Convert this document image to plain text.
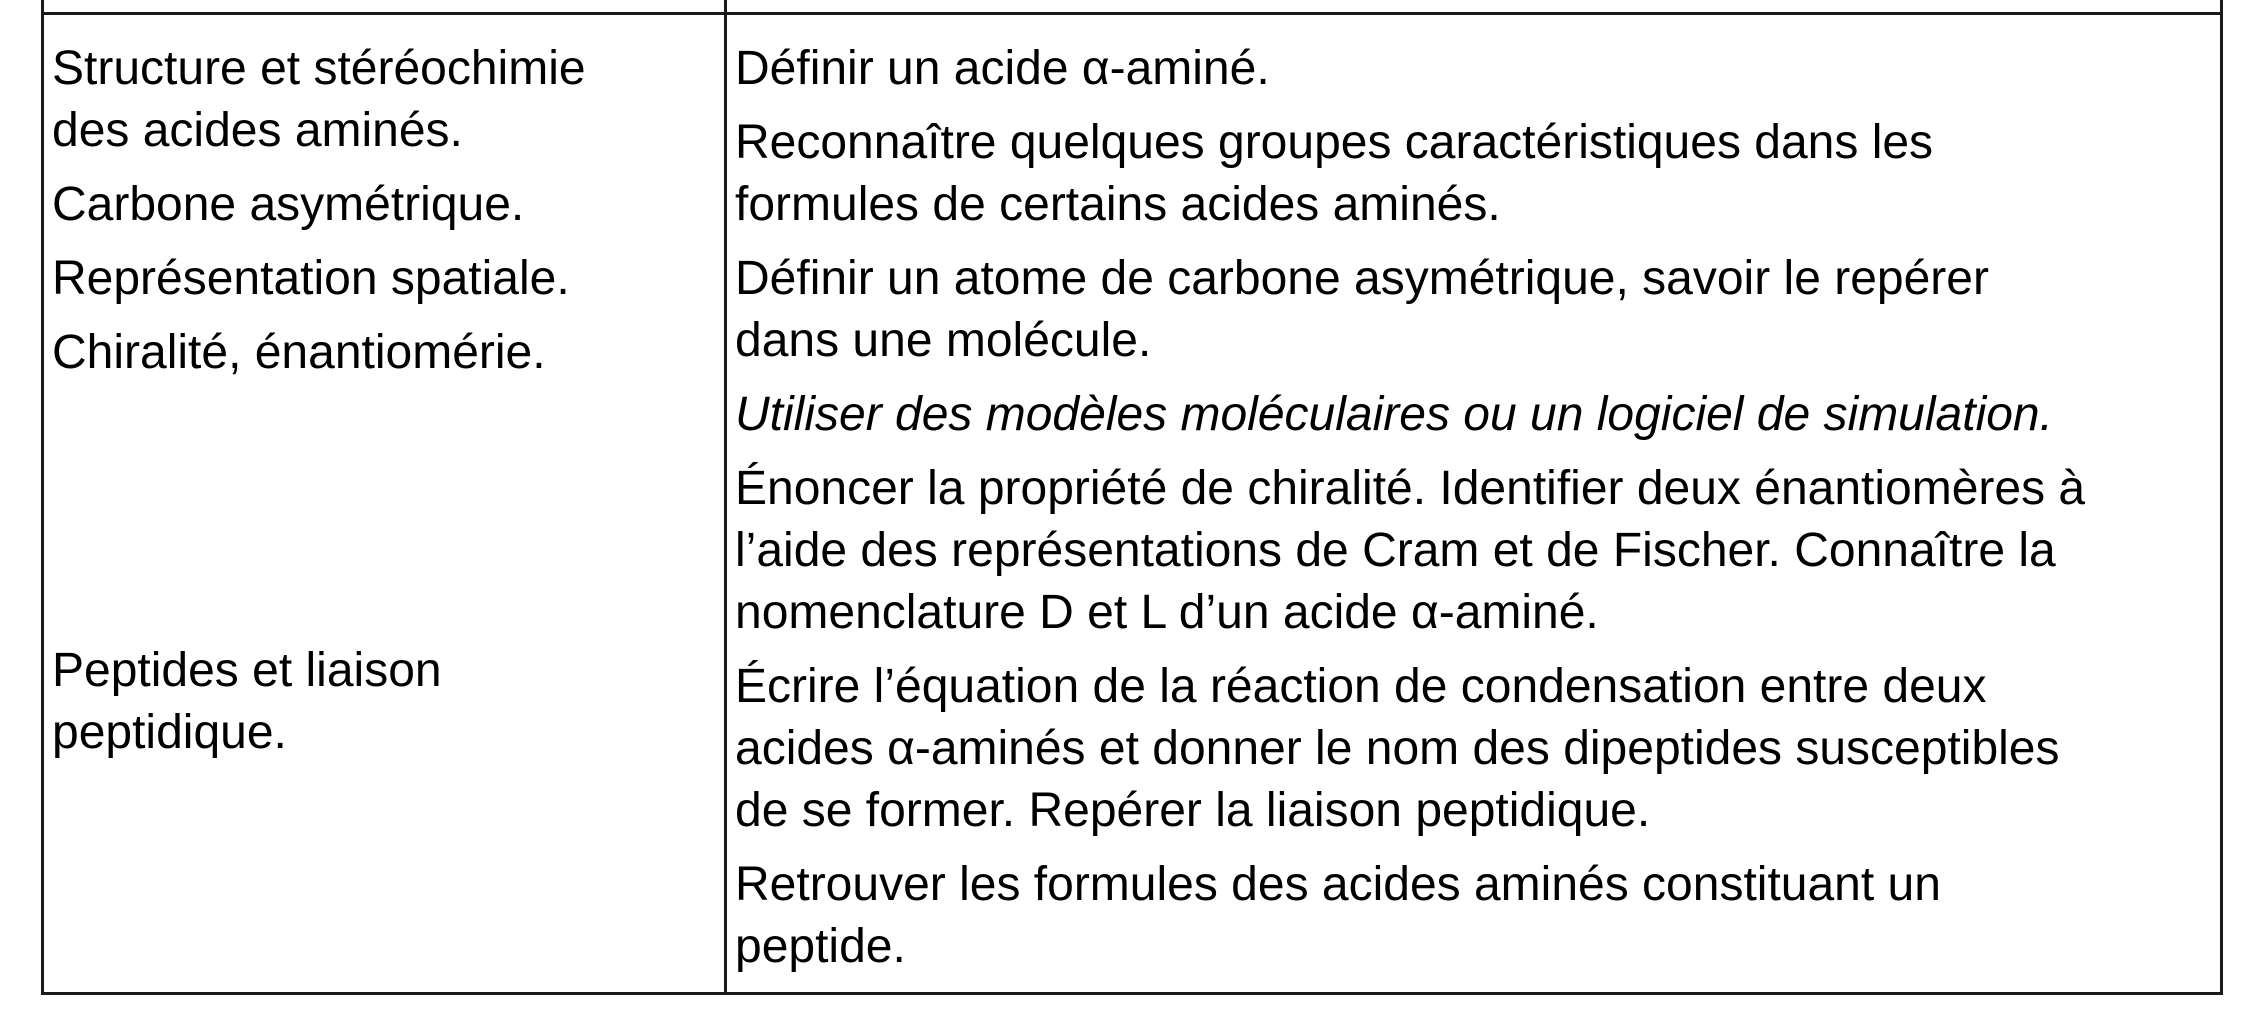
Structure et stéréochimie
des acides aminés.
Carbone asymétrique.
Représentation spatiale.
Chiralité, énantiomérie.
Peptides et liaison
peptidique.
Définir un acide α-aminé.
Reconnaître quelques groupes caractéristiques dans les
formules de certains acides aminés.
Définir un atome de carbone asymétrique, savoir le repérer
dans une molécule.
Utiliser des modèles moléculaires ou un logiciel de simulation.
Énoncer la propriété de chiralité. Identifier deux énantiomères à
l’aide des représentations de Cram et de Fischer. Connaître la
nomenclature D et L d’un acide α-aminé.
Écrire l’équation de la réaction de condensation entre deux
acides α-aminés et donner le nom des dipeptides susceptibles
de se former. Repérer la liaison peptidique.
Retrouver les formules des acides aminés constituant un
peptide.
